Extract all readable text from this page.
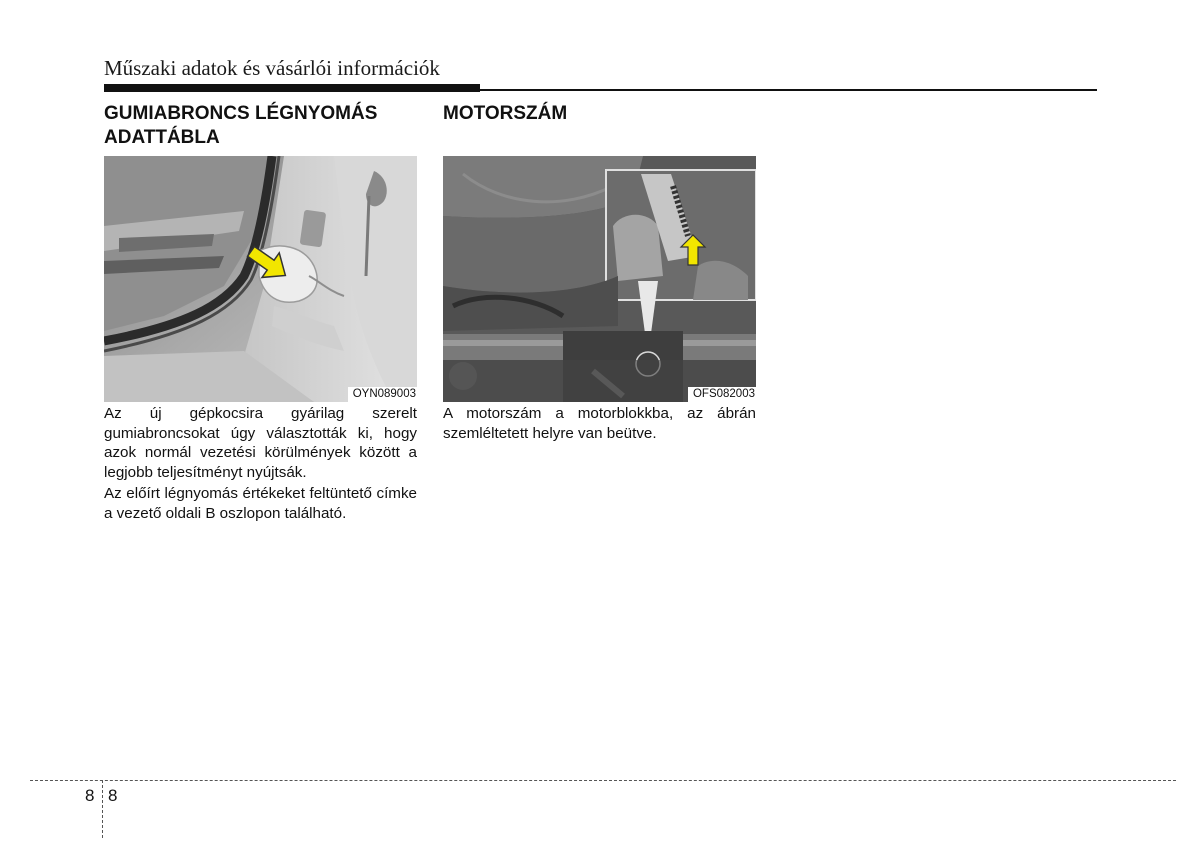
Műszaki adatok és vásárlói információk
GUMIABRONCS LÉGNYOMÁS ADATTÁBLA
OYN089003

Az új gépkocsira gyárilag szerelt gumiabroncsokat úgy választották ki, hogy azok normál vezetési körülmények között a legjobb teljesítményt nyújtsák.

Az előírt légnyomás értékeket feltüntető címke a vezető oldali B oszlopon található.

MOTORSZÁM
OFS082003

A motorszám a motorblokkba, az ábrán szemléltetett helyre van beütve.

8 8
